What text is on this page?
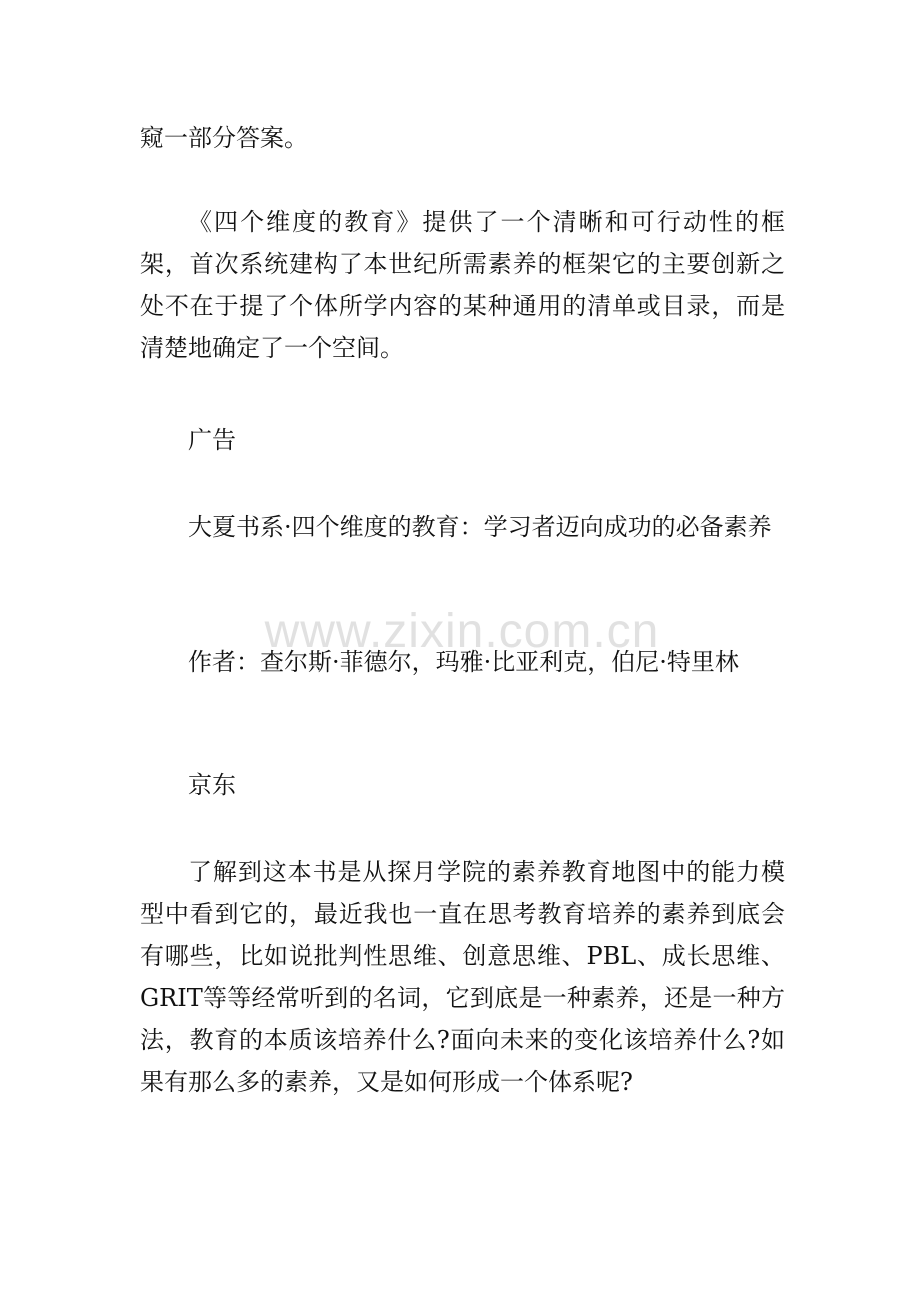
窥一部分答案。

《四个维度的教育》提供了一个清晰和可行动性的框架，首次系统建构了本世纪所需素养的框架它的主要创新之处不在于提了个体所学内容的某种通用的清单或目录，而是清楚地确定了一个空间。

广告

大夏书系·四个维度的教育：学习者迈向成功的必备素养

作者：查尔斯·菲德尔，玛雅·比亚利克，伯尼·特里林

京东

了解到这本书是从探月学院的素养教育地图中的能力模型中看到它的，最近我也一直在思考教育培养的素养到底会有哪些，比如说批判性思维、创意思维、PBL、成长思维、GRIT等等经常听到的名词，它到底是一种素养，还是一种方法，教育的本质该培养什么?面向未来的变化该培养什么?如果有那么多的素养，又是如何形成一个体系呢?

www.zixin.com.cn
